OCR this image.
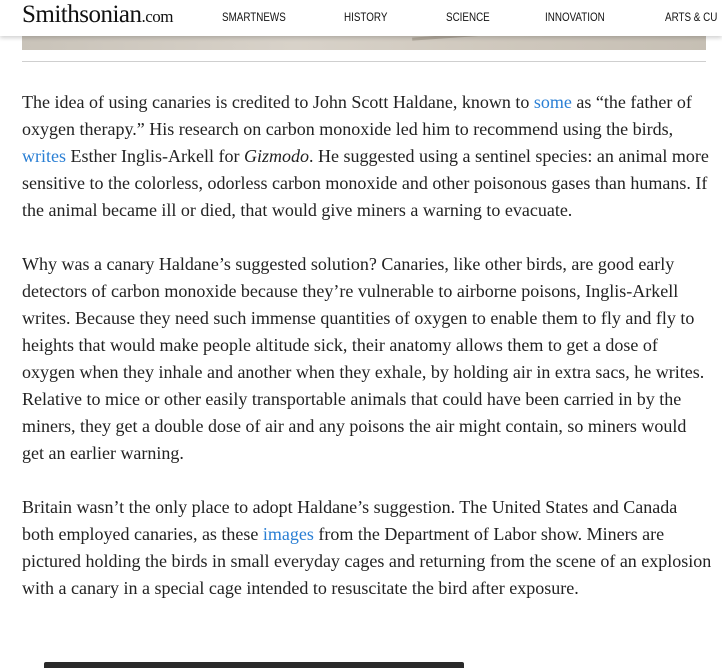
Smithsonian.com	SMARTNEWS	HISTORY	SCIENCE	INNOVATION	ARTS & CU

The idea of using canaries is credited to John Scott Haldane, known to some as “the father of oxygen therapy.” His research on carbon monoxide led him to recommend using the birds, writes Esther Inglis-Arkell for Gizmodo. He suggested using a sentinel species: an animal more sensitive to the colorless, odorless carbon monoxide and other poisonous gases than humans. If the animal became ill or died, that would give miners a warning to evacuate.

Why was a canary Haldane’s suggested solution? Canaries, like other birds, are good early detectors of carbon monoxide because they’re vulnerable to airborne poisons, Inglis-Arkell writes. Because they need such immense quantities of oxygen to enable them to fly and fly to heights that would make people altitude sick, their anatomy allows them to get a dose of oxygen when they inhale and another when they exhale, by holding air in extra sacs, he writes. Relative to mice or other easily transportable animals that could have been carried in by the miners, they get a double dose of air and any poisons the air might contain, so miners would get an earlier warning.

Britain wasn’t the only place to adopt Haldane’s suggestion. The United States and Canada both employed canaries, as these images from the Department of Labor show. Miners are pictured holding the birds in small everyday cages and returning from the scene of an explosion with a canary in a special cage intended to resuscitate the bird after exposure.
